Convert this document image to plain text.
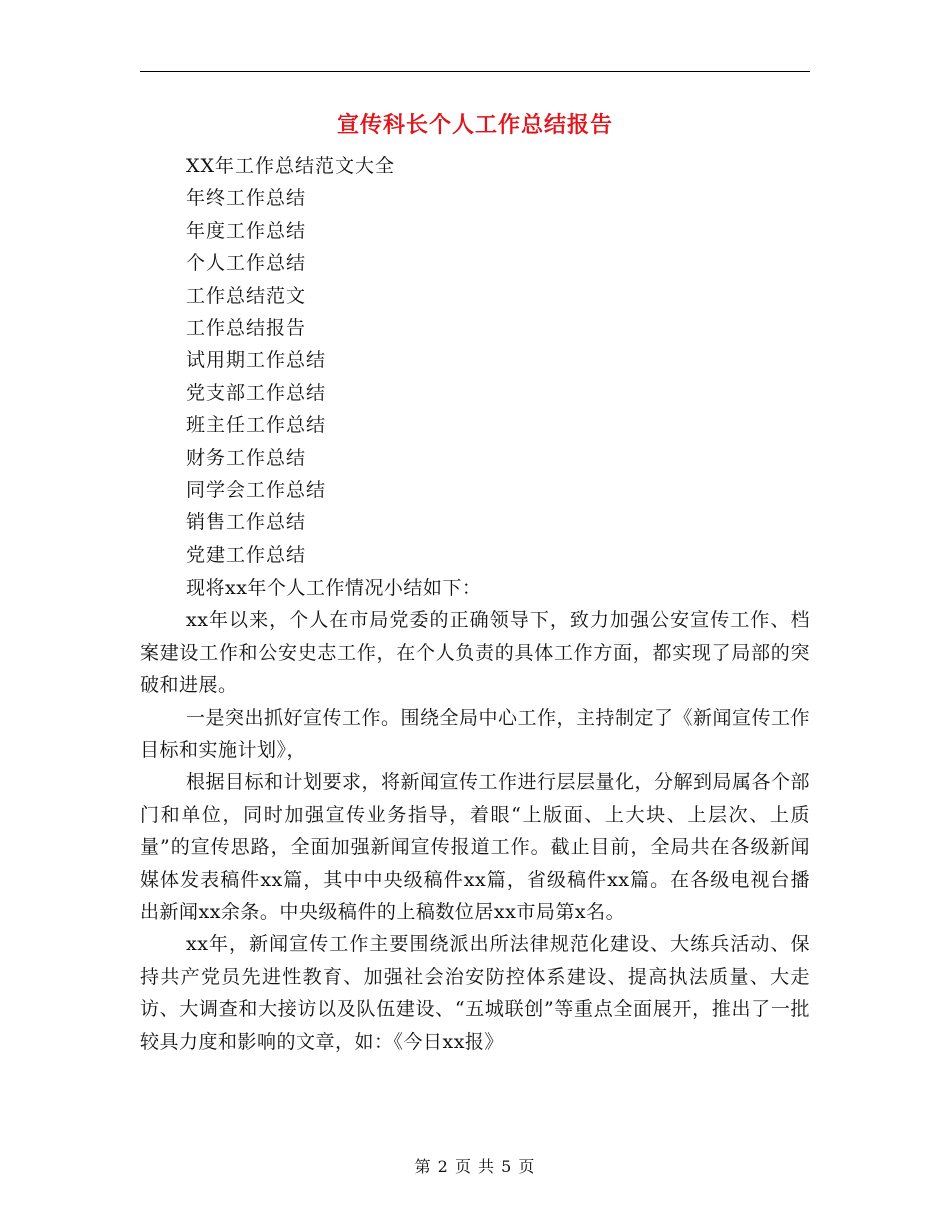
宣传科长个人工作总结报告
XX年工作总结范文大全
年终工作总结
年度工作总结
个人工作总结
工作总结范文
工作总结报告
试用期工作总结
党支部工作总结
班主任工作总结
财务工作总结
同学会工作总结
销售工作总结
党建工作总结

现将xx年个人工作情况小结如下：

xx年以来，个人在市局党委的正确领导下，致力加强公安宣传工作、档案建设工作和公安史志工作，在个人负责的具体工作方面，都实现了局部的突破和进展。

一是突出抓好宣传工作。围绕全局中心工作，主持制定了《新闻宣传工作目标和实施计划》，

根据目标和计划要求，将新闻宣传工作进行层层量化，分解到局属各个部门和单位，同时加强宣传业务指导，着眼“上版面、上大块、上层次、上质量”的宣传思路，全面加强新闻宣传报道工作。截止目前，全局共在各级新闻媒体发表稿件xx篇，其中中央级稿件xx篇，省级稿件xx篇。在各级电视台播出新闻xx余条。中央级稿件的上稿数位居xx市局第x名。

xx年，新闻宣传工作主要围绕派出所法律规范化建设、大练兵活动、保持共产党员先进性教育、加强社会治安防控体系建设、提高执法质量、大走访、大调查和大接访以及队伍建设、“五城联创”等重点全面展开，推出了一批较具力度和影响的文章，如：《今日xx报》

第 2 页 共 5 页
